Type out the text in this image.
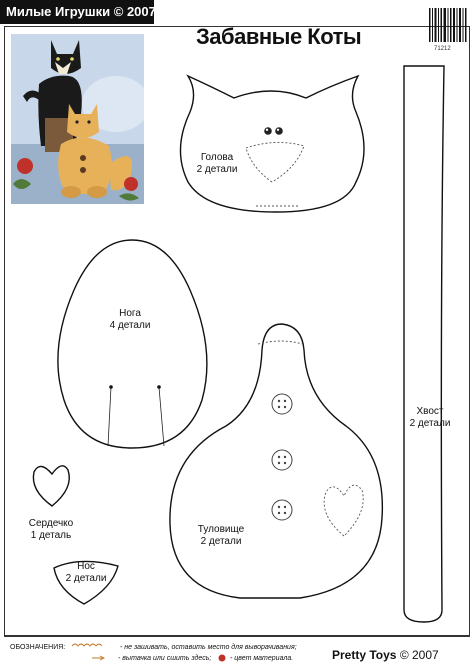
Милые Игрушки © 2007
Забавные Коты	71212
Голова
2 детали
Нога
4 детали
Хвост
2 детали
Сердечко
1 деталь
Нос
2 детали
Туловище
2 детали
ОБОЗНАЧЕНИЯ:	- не зашивать, оставить место для выворачивания;
- вытачка или сшить здесь;	- цвет материала.	Pretty Toys © 2007
